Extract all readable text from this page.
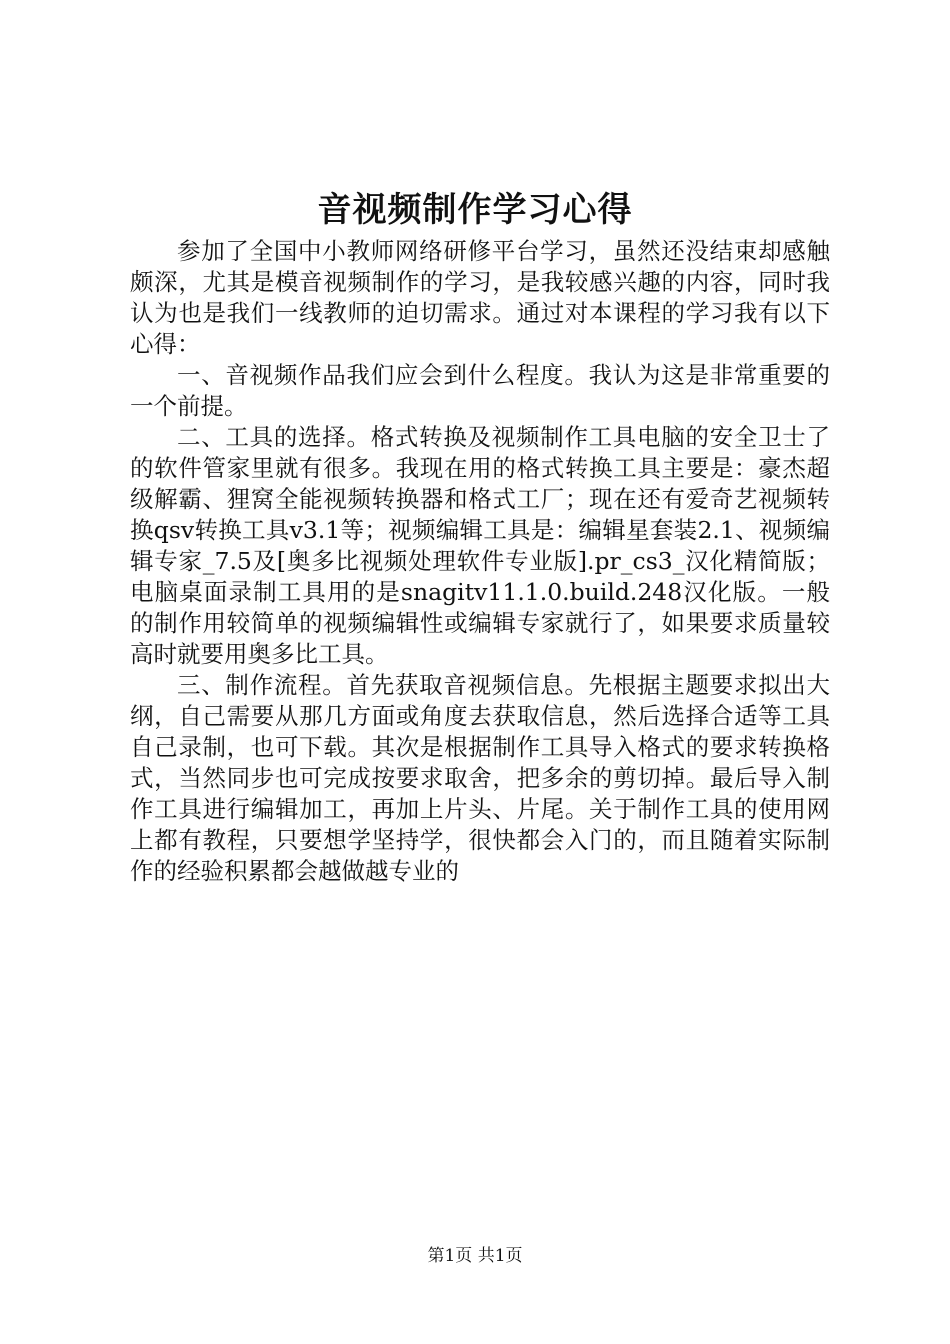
音视频制作学习心得

参加了全国中小教师网络研修平台学习，虽然还没结束却感触颇深，尤其是模音视频制作的学习，是我较感兴趣的内容，同时我认为也是我们一线教师的迫切需求。通过对本课程的学习我有以下心得：

一、音视频作品我们应会到什么程度。我认为这是非常重要的一个前提。

二、工具的选择。格式转换及视频制作工具电脑的安全卫士了的软件管家里就有很多。我现在用的格式转换工具主要是：豪杰超级解霸、狸窝全能视频转换器和格式工厂；现在还有爱奇艺视频转换qsv转换工具v3.1等；视频编辑工具是：编辑星套装2.1、视频编辑专家_7.5及[奥多比视频处理软件专业版].pr_cs3_汉化精简版；电脑桌面录制工具用的是snagitv11.1.0.build.248汉化版。一般的制作用较简单的视频编辑性或编辑专家就行了，如果要求质量较高时就要用奥多比工具。

三、制作流程。首先获取音视频信息。先根据主题要求拟出大纲，自己需要从那几方面或角度去获取信息，然后选择合适等工具自己录制，也可下载。其次是根据制作工具导入格式的要求转换格式，当然同步也可完成按要求取舍，把多余的剪切掉。最后导入制作工具进行编辑加工，再加上片头、片尾。关于制作工具的使用网上都有教程，只要想学坚持学，很快都会入门的，而且随着实际制作的经验积累都会越做越专业的

第1页 共1页
